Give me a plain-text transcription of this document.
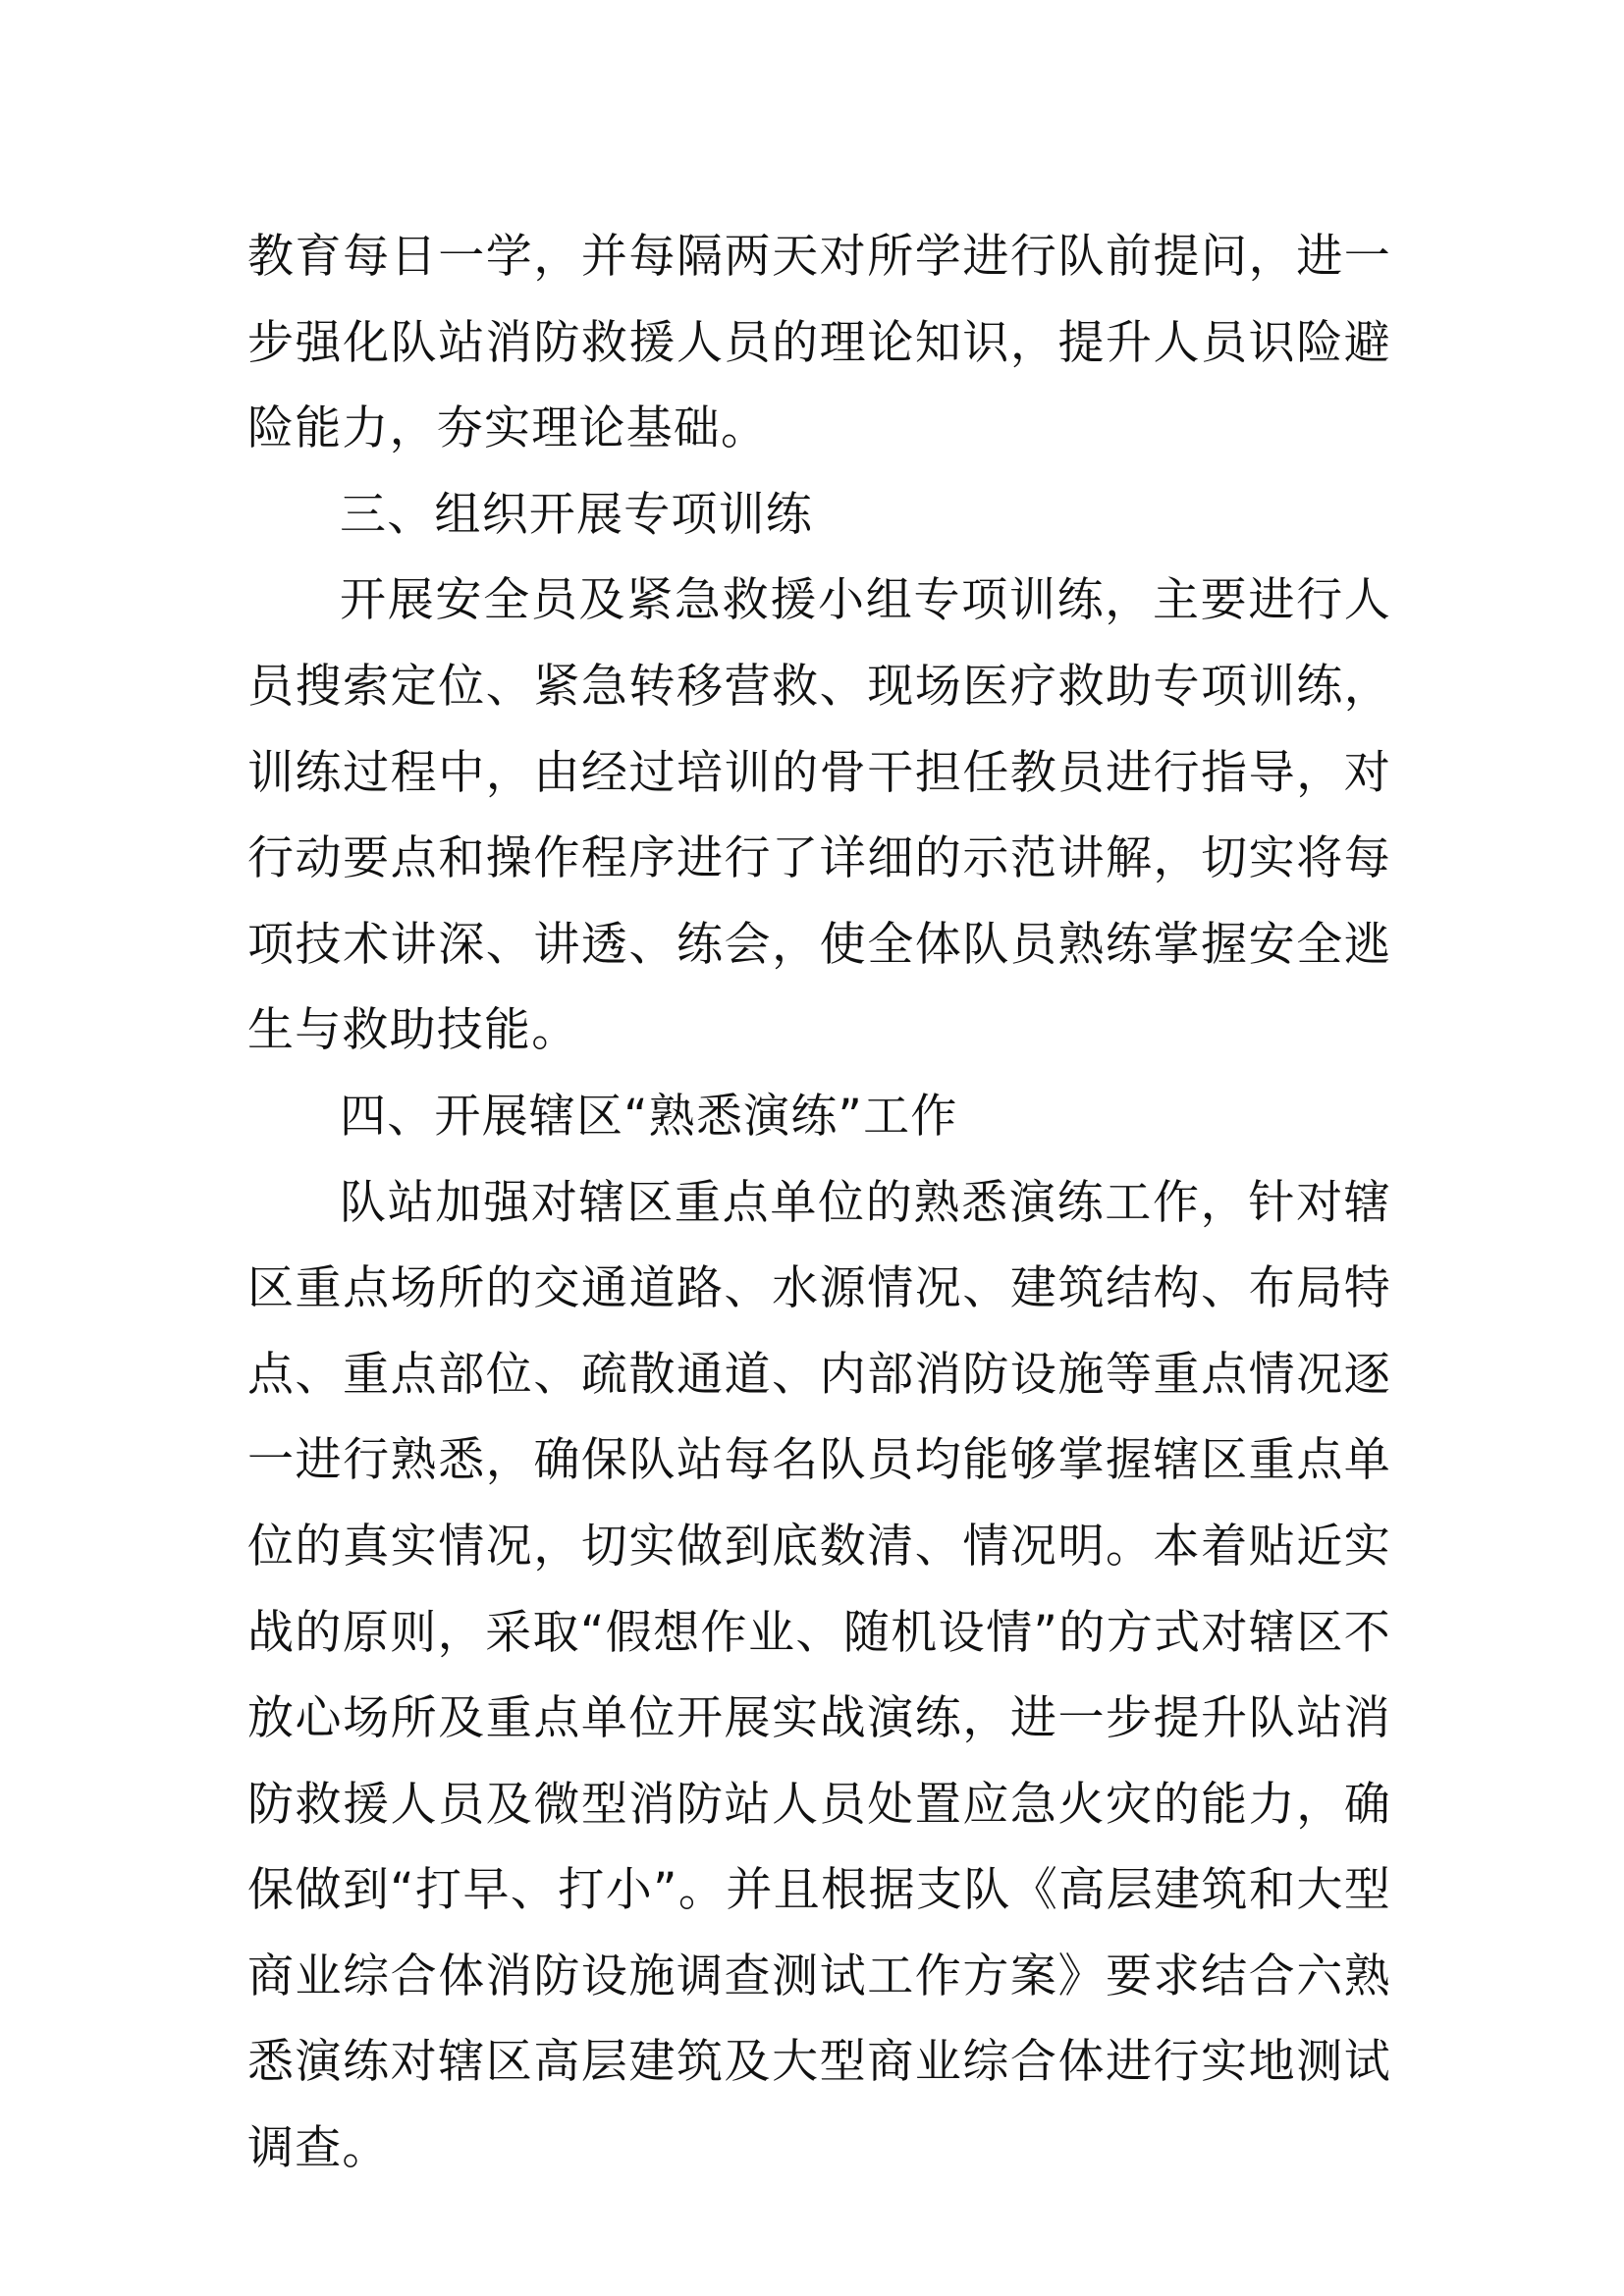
教育每日一学，并每隔两天对所学进行队前提问，进一步强化队站消防救援人员的理论知识，提升人员识险避险能力，夯实理论基础。

三、组织开展专项训练

开展安全员及紧急救援小组专项训练，主要进行人员搜索定位、紧急转移营救、现场医疗救助专项训练，训练过程中，由经过培训的骨干担任教员进行指导，对行动要点和操作程序进行了详细的示范讲解，切实将每项技术讲深、讲透、练会，使全体队员熟练掌握安全逃生与救助技能。

四、开展辖区“熟悉演练”工作

队站加强对辖区重点单位的熟悉演练工作，针对辖区重点场所的交通道路、水源情况、建筑结构、布局特点、重点部位、疏散通道、内部消防设施等重点情况逐一进行熟悉，确保队站每名队员均能够掌握辖区重点单位的真实情况，切实做到底数清、情况明。本着贴近实战的原则，采取“假想作业、随机设情”的方式对辖区不放心场所及重点单位开展实战演练，进一步提升队站消防救援人员及微型消防站人员处置应急火灾的能力，确保做到“打早、打小”。并且根据支队《高层建筑和大型商业综合体消防设施调查测试工作方案》要求结合六熟悉演练对辖区高层建筑及大型商业综合体进行实地测试调查。
